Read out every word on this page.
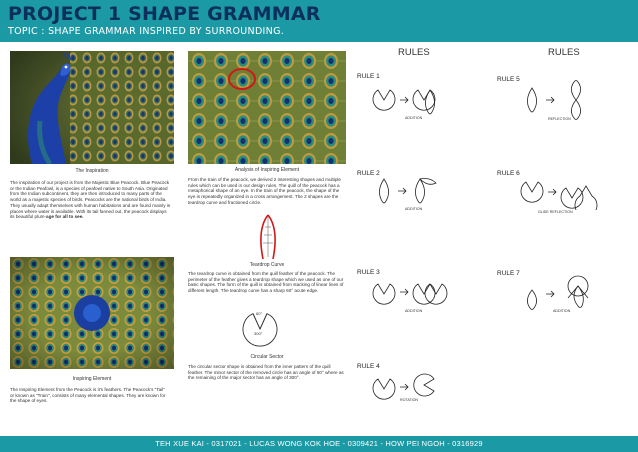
PROJECT 1 SHAPE GRAMMAR
TOPIC : SHAPE GRAMMAR INSPIRED BY SURROUNDING.
The Inspiration

The inspiration of our project is from the Majestic Blue Peacock. Blue Peacock or the Indian Peafowl, is a species of peafowl native to South Asia. Originated from the Indian subcontinent, they are then introduced to many parts of the world as a majestic species of birds. Peacocks are the national birds of India. They usually adapt themselves with human habitations and are found mainly in places where water is available. With its tail fanned out, the peacock displays its beautiful plum-age for all to see.

Inspiring Element

The Inspiring Element from the Peacock is it's feathers. The Peacock's "Tail" or known as "Train", consists of many elemental shapes. They are known for the shape of eyes.

Analysis of Inspiring Element

From the train of the peacock, we derived 2 interesting shapes and multiple rules which can be used in our design rules. The quill of the peacock has a metaphorical shape of an eye. In the train of the peacock, the shape of the eye is repeatedly organized in a cross arrangement. The 2 shapes are the teardrop curve and fractioned circle.

Teardrop Curve

The teardrop curve is obtained from the quill feather of the peacock. The perimeter of the feather gives a teardrop shape which we used as one of our basic shapes. The form of the quill is obtained from stacking of linear lines of different length. The teardrop curve has a sharp 60° acute edge.

60°
300°
Circular Sector

The circular sector shape is obtained from the inner pattern of the quill feather. The minor sector of the removed circle has an angle of 60° where as the remaining of the major sector has an angle of 300°.

RULES	RULES
RULE 1
ADDITION
RULE 2
ADDITION
RULE 3
ADDITION
RULE 4
ROTATION
RULE 5
REFLECTION
RULE 6
GLIDE REFLECTION
RULE 7
ADDITION
TEH XUE KAI - 0317021 - LUCAS WONG KOK HOE - 0309421 - HOW PEI NGOH - 0316929
